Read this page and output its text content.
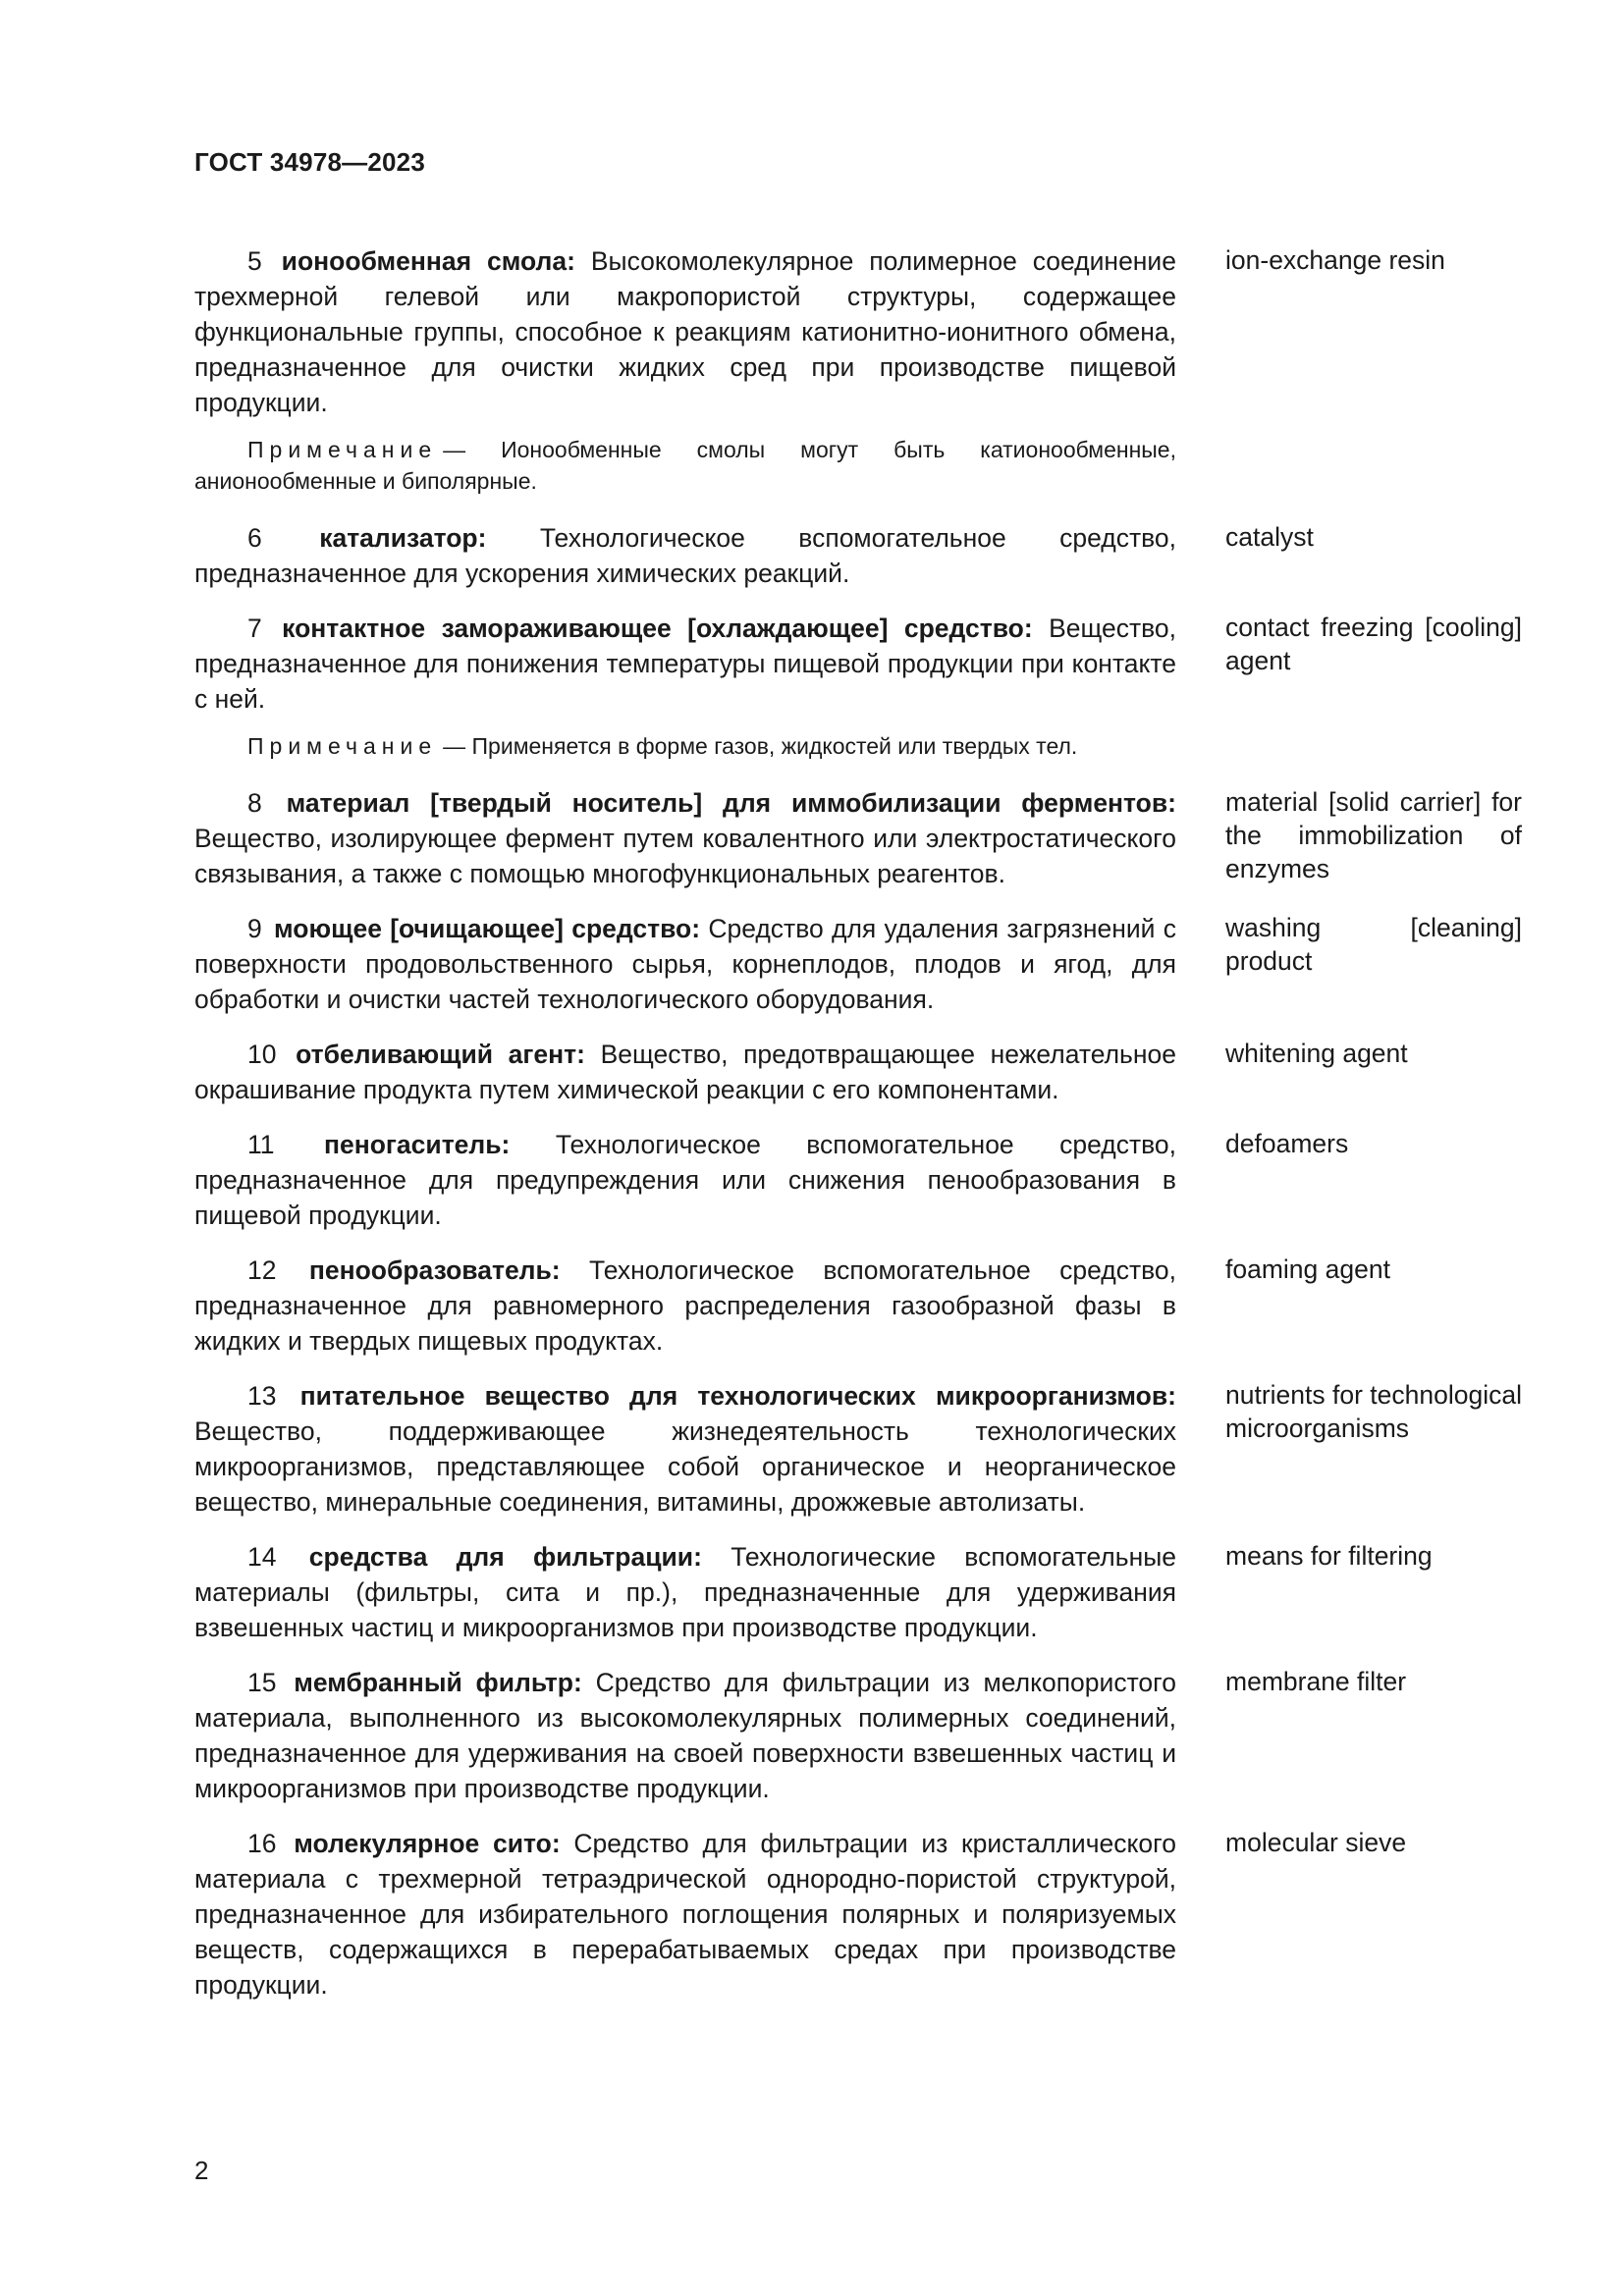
ГОСТ 34978—2023
5 ионообменная смола: Высокомолекулярное полимерное соединение трехмерной гелевой или макропористой структуры, содержащее функциональные группы, способное к реакциям катионитно-ионитного обмена, предназначенное для очистки жидких сред при производстве пищевой продукции.
ion-exchange resin
Примечание — Ионообменные смолы могут быть катионообменные, анионообменные и биполярные.
6 катализатор: Технологическое вспомогательное средство, предназначенное для ускорения химических реакций.
catalyst
7 контактное замораживающее [охлаждающее] средство: Вещество, предназначенное для понижения температуры пищевой продукции при контакте с ней.
contact freezing [cooling] agent
Примечание — Применяется в форме газов, жидкостей или твердых тел.
8 материал [твердый носитель] для иммобилизации ферментов: Вещество, изолирующее фермент путем ковалентного или электростатического связывания, а также с помощью многофункциональных реагентов.
material [solid carrier] for the immobilization of enzymes
9 моющее [очищающее] средство: Средство для удаления загрязнений с поверхности продовольственного сырья, корнеплодов, плодов и ягод, для обработки и очистки частей технологического оборудования.
washing [cleaning] product
10 отбеливающий агент: Вещество, предотвращающее нежелательное окрашивание продукта путем химической реакции с его компонентами.
whitening agent
11 пеногаситель: Технологическое вспомогательное средство, предназначенное для предупреждения или снижения пенообразования в пищевой продукции.
defoamers
12 пенообразователь: Технологическое вспомогательное средство, предназначенное для равномерного распределения газообразной фазы в жидких и твердых пищевых продуктах.
foaming agent
13 питательное вещество для технологических микроорганизмов: Вещество, поддерживающее жизнедеятельность технологических микроорганизмов, представляющее собой органическое и неорганическое вещество, минеральные соединения, витамины, дрожжевые автолизаты.
nutrients for technological microorganisms
14 средства для фильтрации: Технологические вспомогательные материалы (фильтры, сита и пр.), предназначенные для удерживания взвешенных частиц и микроорганизмов при производстве продукции.
means for filtering
15 мембранный фильтр: Средство для фильтрации из мелкопористого материала, выполненного из высокомолекулярных полимерных соединений, предназначенное для удерживания на своей поверхности взвешенных частиц и микроорганизмов при производстве продукции.
membrane filter
16 молекулярное сито: Средство для фильтрации из кристаллического материала с трехмерной тетраэдрической однородно-пористой структурой, предназначенное для избирательного поглощения полярных и поляризуемых веществ, содержащихся в перерабатываемых средах при производстве продукции.
molecular sieve
2
